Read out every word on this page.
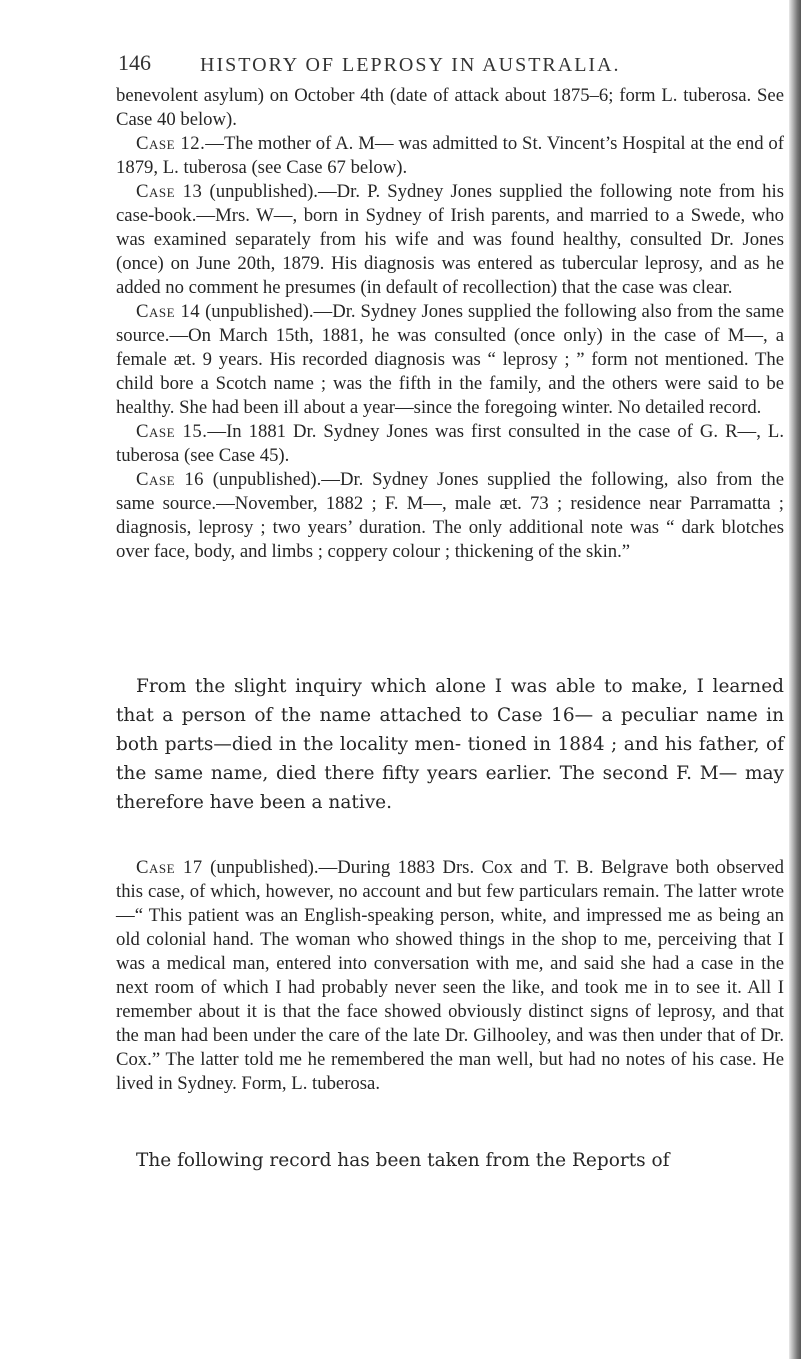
146 HISTORY OF LEPROSY IN AUSTRALIA.

benevolent asylum) on October 4th (date of attack about 1875–6; form L. tuberosa. See Case 40 below).

Case 12.—The mother of A. M— was admitted to St. Vincent’s Hospital at the end of 1879, L. tuberosa (see Case 67 below).

Case 13 (unpublished).—Dr. P. Sydney Jones supplied the following note from his case-book.—Mrs. W—, born in Sydney of Irish parents, and married to a Swede, who was examined separately from his wife and was found healthy, consulted Dr. Jones (once) on June 20th, 1879. His diagnosis was entered as tubercular leprosy, and as he added no comment he presumes (in default of recollection) that the case was clear.

Case 14 (unpublished).—Dr. Sydney Jones supplied the following also from the same source.—On March 15th, 1881, he was consulted (once only) in the case of M—, a female æt. 9 years. His recorded diagnosis was “ leprosy ; ” form not mentioned. The child bore a Scotch name ; was the fifth in the family, and the others were said to be healthy. She had been ill about a year—since the foregoing winter. No detailed record.

Case 15.—In 1881 Dr. Sydney Jones was first consulted in the case of G. R—, L. tuberosa (see Case 45).

Case 16 (unpublished).—Dr. Sydney Jones supplied the following, also from the same source.—November, 1882 ; F. M—, male æt. 73 ; residence near Parramatta ; diagnosis, leprosy ; two years’ duration. The only additional note was “ dark blotches over face, body, and limbs ; coppery colour ; thickening of the skin.”

From the slight inquiry which alone I was able to make, I learned that a person of the name attached to Case 16— a peculiar name in both parts—died in the locality men- tioned in 1884 ; and his father, of the same name, died there fifty years earlier. The second F. M— may therefore have been a native.

Case 17 (unpublished).—During 1883 Drs. Cox and T. B. Belgrave both observed this case, of which, however, no account and but few particulars remain. The latter wrote—“ This patient was an English-speaking person, white, and impressed me as being an old colonial hand. The woman who showed things in the shop to me, perceiving that I was a medical man, entered into conversation with me, and said she had a case in the next room of which I had probably never seen the like, and took me in to see it. All I remember about it is that the face showed obviously distinct signs of leprosy, and that the man had been under the care of the late Dr. Gilhooley, and was then under that of Dr. Cox.” The latter told me he remembered the man well, but had no notes of his case. He lived in Sydney. Form, L. tuberosa.

The following record has been taken from the Reports of
